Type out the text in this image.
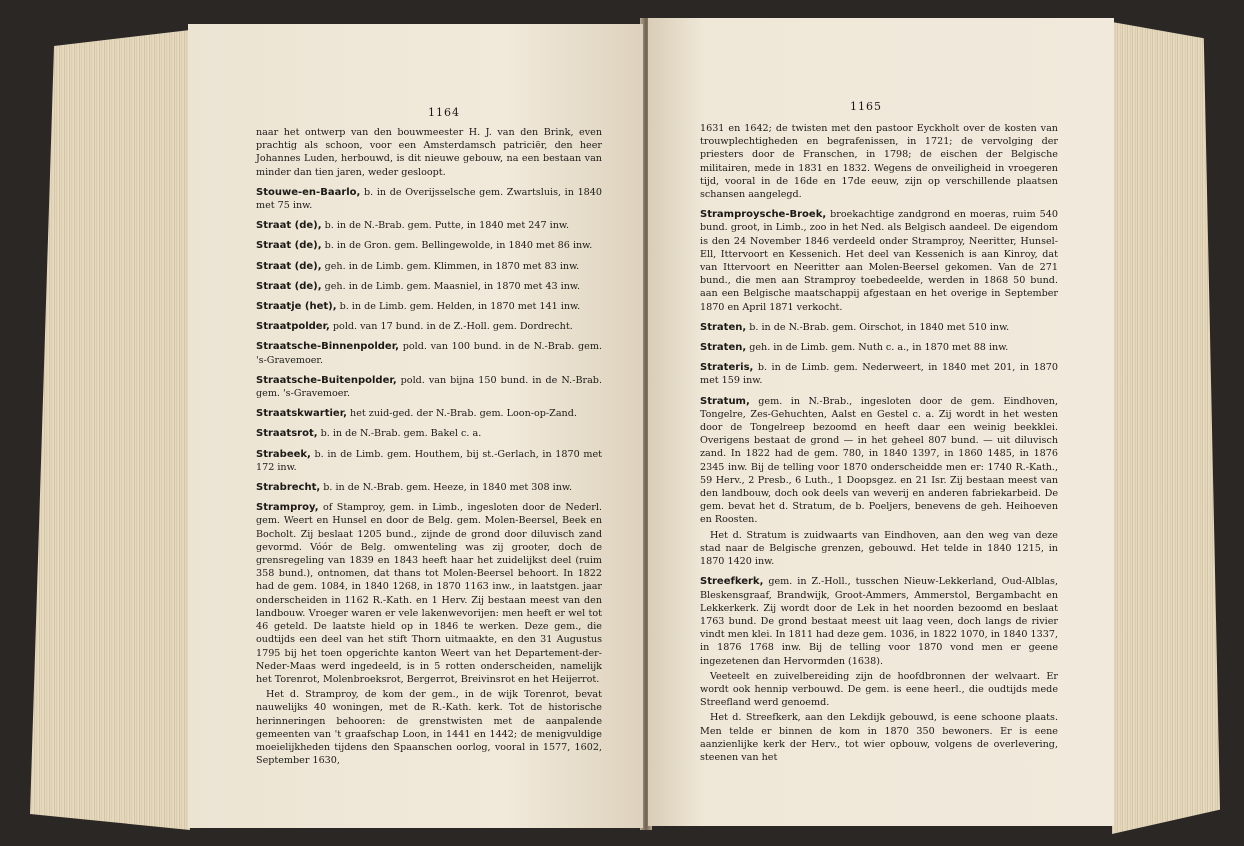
1164

naar het ontwerp van den bouwmeester H. J. van den Brink, even prachtig als schoon, voor een Amsterdamsch patriciër, den heer Johannes Luden, herbouwd, is dit nieuwe gebouw, na een bestaan van minder dan tien jaren, weder gesloopt.

Stouwe-en-Baarlo, b. in de Overijsselsche gem. Zwartsluis, in 1840 met 75 inw.

Straat (de), b. in de N.-Brab. gem. Putte, in 1840 met 247 inw.

Straat (de), b. in de Gron. gem. Bellingewolde, in 1840 met 86 inw.

Straat (de), geh. in de Limb. gem. Klimmen, in 1870 met 83 inw.

Straat (de), geh. in de Limb. gem. Maasniel, in 1870 met 43 inw.

Straatje (het), b. in de Limb. gem. Helden, in 1870 met 141 inw.

Straatpolder, pold. van 17 bund. in de Z.-Holl. gem. Dordrecht.

Straatsche-Binnenpolder, pold. van 100 bund. in de N.-Brab. gem. 's-Gravemoer.

Straatsche-Buitenpolder, pold. van bijna 150 bund. in de N.-Brab. gem. 's-Gravemoer.

Straatskwartier, het zuid-ged. der N.-Brab. gem. Loon-op-Zand.

Straatsrot, b. in de N.-Brab. gem. Bakel c. a.

Strabeek, b. in de Limb. gem. Houthem, bij st.-Gerlach, in 1870 met 172 inw.

Strabrecht, b. in de N.-Brab. gem. Heeze, in 1840 met 308 inw.

Stramproy, of Stamproy, gem. in Limb., ingesloten door de Nederl. gem. Weert en Hunsel en door de Belg. gem. Molen-Beersel, Beek en Bocholt. Zij beslaat 1205 bund., zijnde de grond door diluvisch zand gevormd. Vóór de Belg. omwenteling was zij grooter, doch de grensregeling van 1839 en 1843 heeft haar het zuidelijkst deel (ruim 358 bund.), ontnomen, dat thans tot Molen-Beersel behoort. In 1822 had de gem. 1084, in 1840 1268, in 1870 1163 inw., in laatstgen. jaar onderscheiden in 1162 R.-Kath. en 1 Herv. Zij bestaan meest van den landbouw. Vroeger waren er vele lakenwevorijen: men heeft er wel tot 46 geteld. De laatste hield op in 1846 te werken. Deze gem., die oudtijds een deel van het stift Thorn uitmaakte, en den 31 Augustus 1795 bij het toen opgerichte kanton Weert van het Departement-der-Neder-Maas werd ingedeeld, is in 5 rotten onderscheiden, namelijk het Torenrot, Molenbroeksrot, Bergerrot, Breivinsrot en het Heijerrot.

Het d. Stramproy, de kom der gem., in de wijk Torenrot, bevat nauwelijks 40 woningen, met de R.-Kath. kerk. Tot de historische herinneringen behooren: de grenstwisten met de aanpalende gemeenten van 't graafschap Loon, in 1441 en 1442; de menigvuldige moeielijkheden tijdens den Spaanschen oorlog, vooral in 1577, 1602, September 1630,

1165

1631 en 1642; de twisten met den pastoor Eyckholt over de kosten van trouwplechtigheden en begrafenissen, in 1721; de vervolging der priesters door de Franschen, in 1798; de eischen der Belgische militairen, mede in 1831 en 1832. Wegens de onveiligheid in vroegeren tijd, vooral in de 16de en 17de eeuw, zijn op verschillende plaatsen schansen aangelegd.

Stramproysche-Broek, broekachtige zandgrond en moeras, ruim 540 bund. groot, in Limb., zoo in het Ned. als Belgisch aandeel. De eigendom is den 24 November 1846 verdeeld onder Stramproy, Neeritter, Hunsel-Ell, Ittervoort en Kessenich. Het deel van Kessenich is aan Kinroy, dat van Ittervoort en Neeritter aan Molen-Beersel gekomen. Van de 271 bund., die men aan Stramproy toebedeelde, werden in 1868 50 bund. aan een Belgische maatschappij afgestaan en het overige in September 1870 en April 1871 verkocht.

Straten, b. in de N.-Brab. gem. Oirschot, in 1840 met 510 inw.

Straten, geh. in de Limb. gem. Nuth c. a., in 1870 met 88 inw.

Strateris, b. in de Limb. gem. Nederweert, in 1840 met 201, in 1870 met 159 inw.

Stratum, gem. in N.-Brab., ingesloten door de gem. Eindhoven, Tongelre, Zes-Gehuchten, Aalst en Gestel c. a. Zij wordt in het westen door de Tongelreep bezoomd en heeft daar een weinig beekklei. Overigens bestaat de grond — in het geheel 807 bund. — uit diluvisch zand. In 1822 had de gem. 780, in 1840 1397, in 1860 1485, in 1876 2345 inw. Bij de telling voor 1870 onderscheidde men er: 1740 R.-Kath., 59 Herv., 2 Presb., 6 Luth., 1 Doopsgez. en 21 Isr. Zij bestaan meest van den landbouw, doch ook deels van weverij en anderen fabriekarbeid. De gem. bevat het d. Stratum, de b. Poeljers, benevens de geh. Heihoeven en Roosten.

Het d. Stratum is zuidwaarts van Eindhoven, aan den weg van deze stad naar de Belgische grenzen, gebouwd. Het telde in 1840 1215, in 1870 1420 inw.

Streefkerk, gem. in Z.-Holl., tusschen Nieuw-Lekkerland, Oud-Alblas, Bleskensgraaf, Brandwijk, Groot-Ammers, Ammerstol, Bergambacht en Lekkerkerk. Zij wordt door de Lek in het noorden bezoomd en beslaat 1763 bund. De grond bestaat meest uit laag veen, doch langs de rivier vindt men klei. In 1811 had deze gem. 1036, in 1822 1070, in 1840 1337, in 1876 1768 inw. Bij de telling voor 1870 vond men er geene ingezetenen dan Hervormden (1638).

Veeteelt en zuivelbereiding zijn de hoofdbronnen der welvaart. Er wordt ook hennip verbouwd. De gem. is eene heerl., die oudtijds mede Streefland werd genoemd.

Het d. Streefkerk, aan den Lekdijk gebouwd, is eene schoone plaats. Men telde er binnen de kom in 1870 350 bewoners. Er is eene aanzienlijke kerk der Herv., tot wier opbouw, volgens de overlevering, steenen van het
